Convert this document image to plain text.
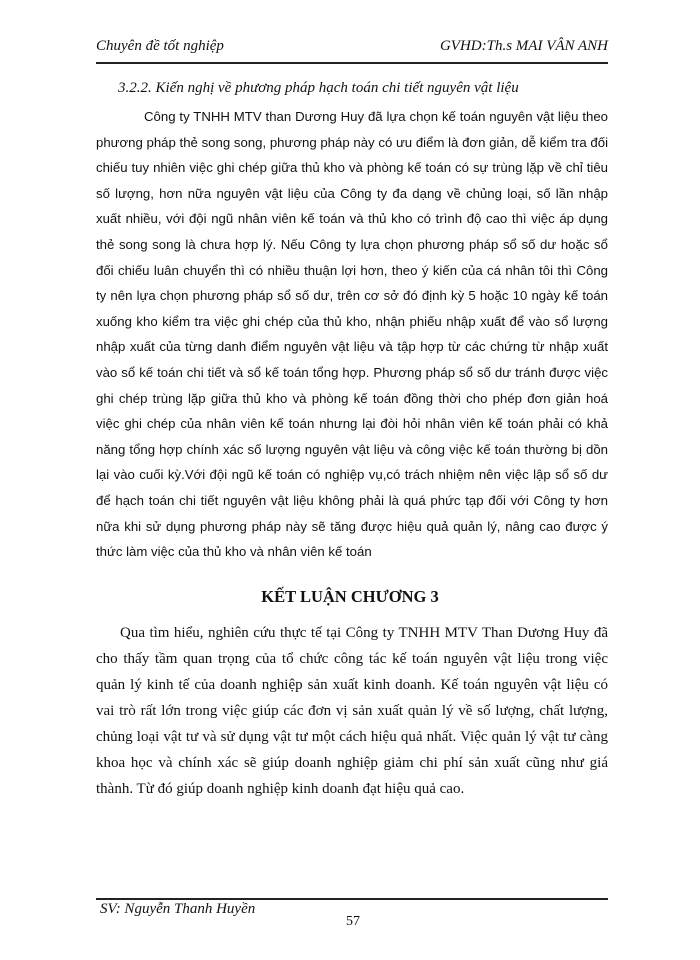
Chuyên đề tốt nghiệp	GVHD:Th.s MAI VÂN ANH
3.2.2. Kiến nghị về phương pháp hạch toán chi tiết nguyên vật liệu

Công ty TNHH MTV than Dương Huy đã lựa chọn kế toán nguyên vật liệu theo phương pháp thẻ song song, phương pháp này có ưu điểm là đơn giản, dễ kiểm tra đối chiếu tuy nhiên việc ghi chép giữa thủ kho và phòng kế toán có sự trùng lặp về chỉ tiêu số lượng, hơn nữa nguyên vật liệu của Công ty đa dạng về chủng loại, số lần nhập xuất nhiều, với đội ngũ nhân viên kế toán và thủ kho có trình độ cao thì việc áp dụng thẻ song song là chưa hợp lý. Nếu Công ty lựa chọn phương pháp sổ số dư hoặc sổ đối chiếu luân chuyển thì có nhiều thuận lợi hơn, theo ý kiến của cá nhân tôi thì Công ty nên lựa chọn phương pháp sổ số dư, trên cơ sở đó định kỳ 5 hoặc 10 ngày kế toán xuống kho kiểm tra việc ghi chép của thủ kho, nhận phiếu nhập xuất để vào sổ lượng nhập xuất của từng danh điểm nguyên vật liệu và tập hợp từ các chứng từ nhập xuất vào sổ kế toán chi tiết và sổ kế toán tổng hợp. Phương pháp sổ số dư tránh được việc ghi chép trùng lặp giữa thủ kho và phòng kế toán đồng thời cho phép đơn giản hoá việc ghi chép của nhân viên kế toán nhưng lại đòi hỏi nhân viên kế toán phải có khả năng tổng hợp chính xác số lượng nguyên vật liệu và công việc kế toán thường bị dồn lại vào cuối kỳ.Với đội ngũ kế toán có nghiệp vụ,có trách nhiệm nên việc lập sổ số dư để hạch toán chi tiết nguyên vật liệu không phải là quá phức tạp đối với Công ty hơn nữa khi sử dụng phương pháp này sẽ tăng được hiệu quả quản lý, nâng cao được ý thức làm việc của thủ kho và nhân viên kế toán

KẾT LUẬN CHƯƠNG 3

Qua tìm hiểu, nghiên cứu thực tế tại Công ty TNHH MTV Than Dương Huy đã cho thấy tầm quan trọng của tổ chức công tác kế toán nguyên vật liệu trong việc quản lý kinh tế của doanh nghiệp sản xuất kinh doanh. Kế toán nguyên vật liệu có vai trò rất lớn trong việc giúp các đơn vị sản xuất quản lý về số lượng, chất lượng, chủng loại vật tư và sử dụng vật tư một cách hiệu quả nhất. Việc quản lý vật tư càng khoa học và chính xác sẽ giúp doanh nghiệp giảm chi phí sản xuất cũng như giá thành. Từ đó giúp doanh nghiệp kinh doanh đạt hiệu quả cao.

SV: Nguyễn Thanh Huyền
57
